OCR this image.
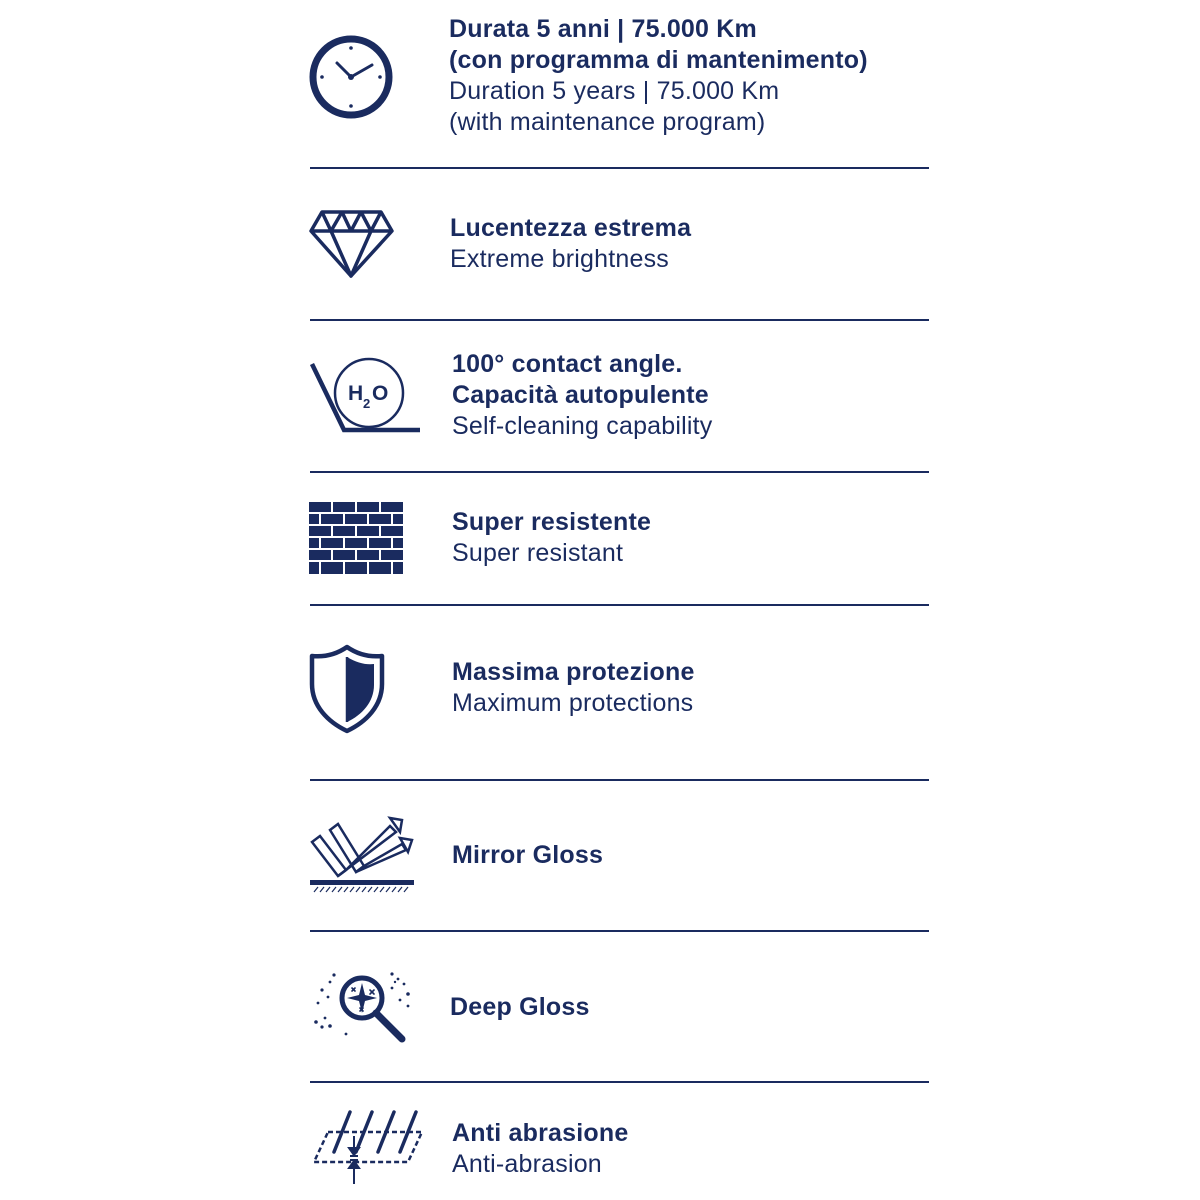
Durata 5 anni | 75.000 Km
(con programma di mantenimento)
Duration 5 years | 75.000 Km
(with maintenance program)
Lucentezza estrema
Extreme brightness
H 2 O
100° contact angle.
Capacità autopulente
Self-cleaning capability
Super resistente
Super resistant
Massima protezione
Maximum protections
Mirror Gloss
Deep Gloss
Anti abrasione
Anti-abrasion
